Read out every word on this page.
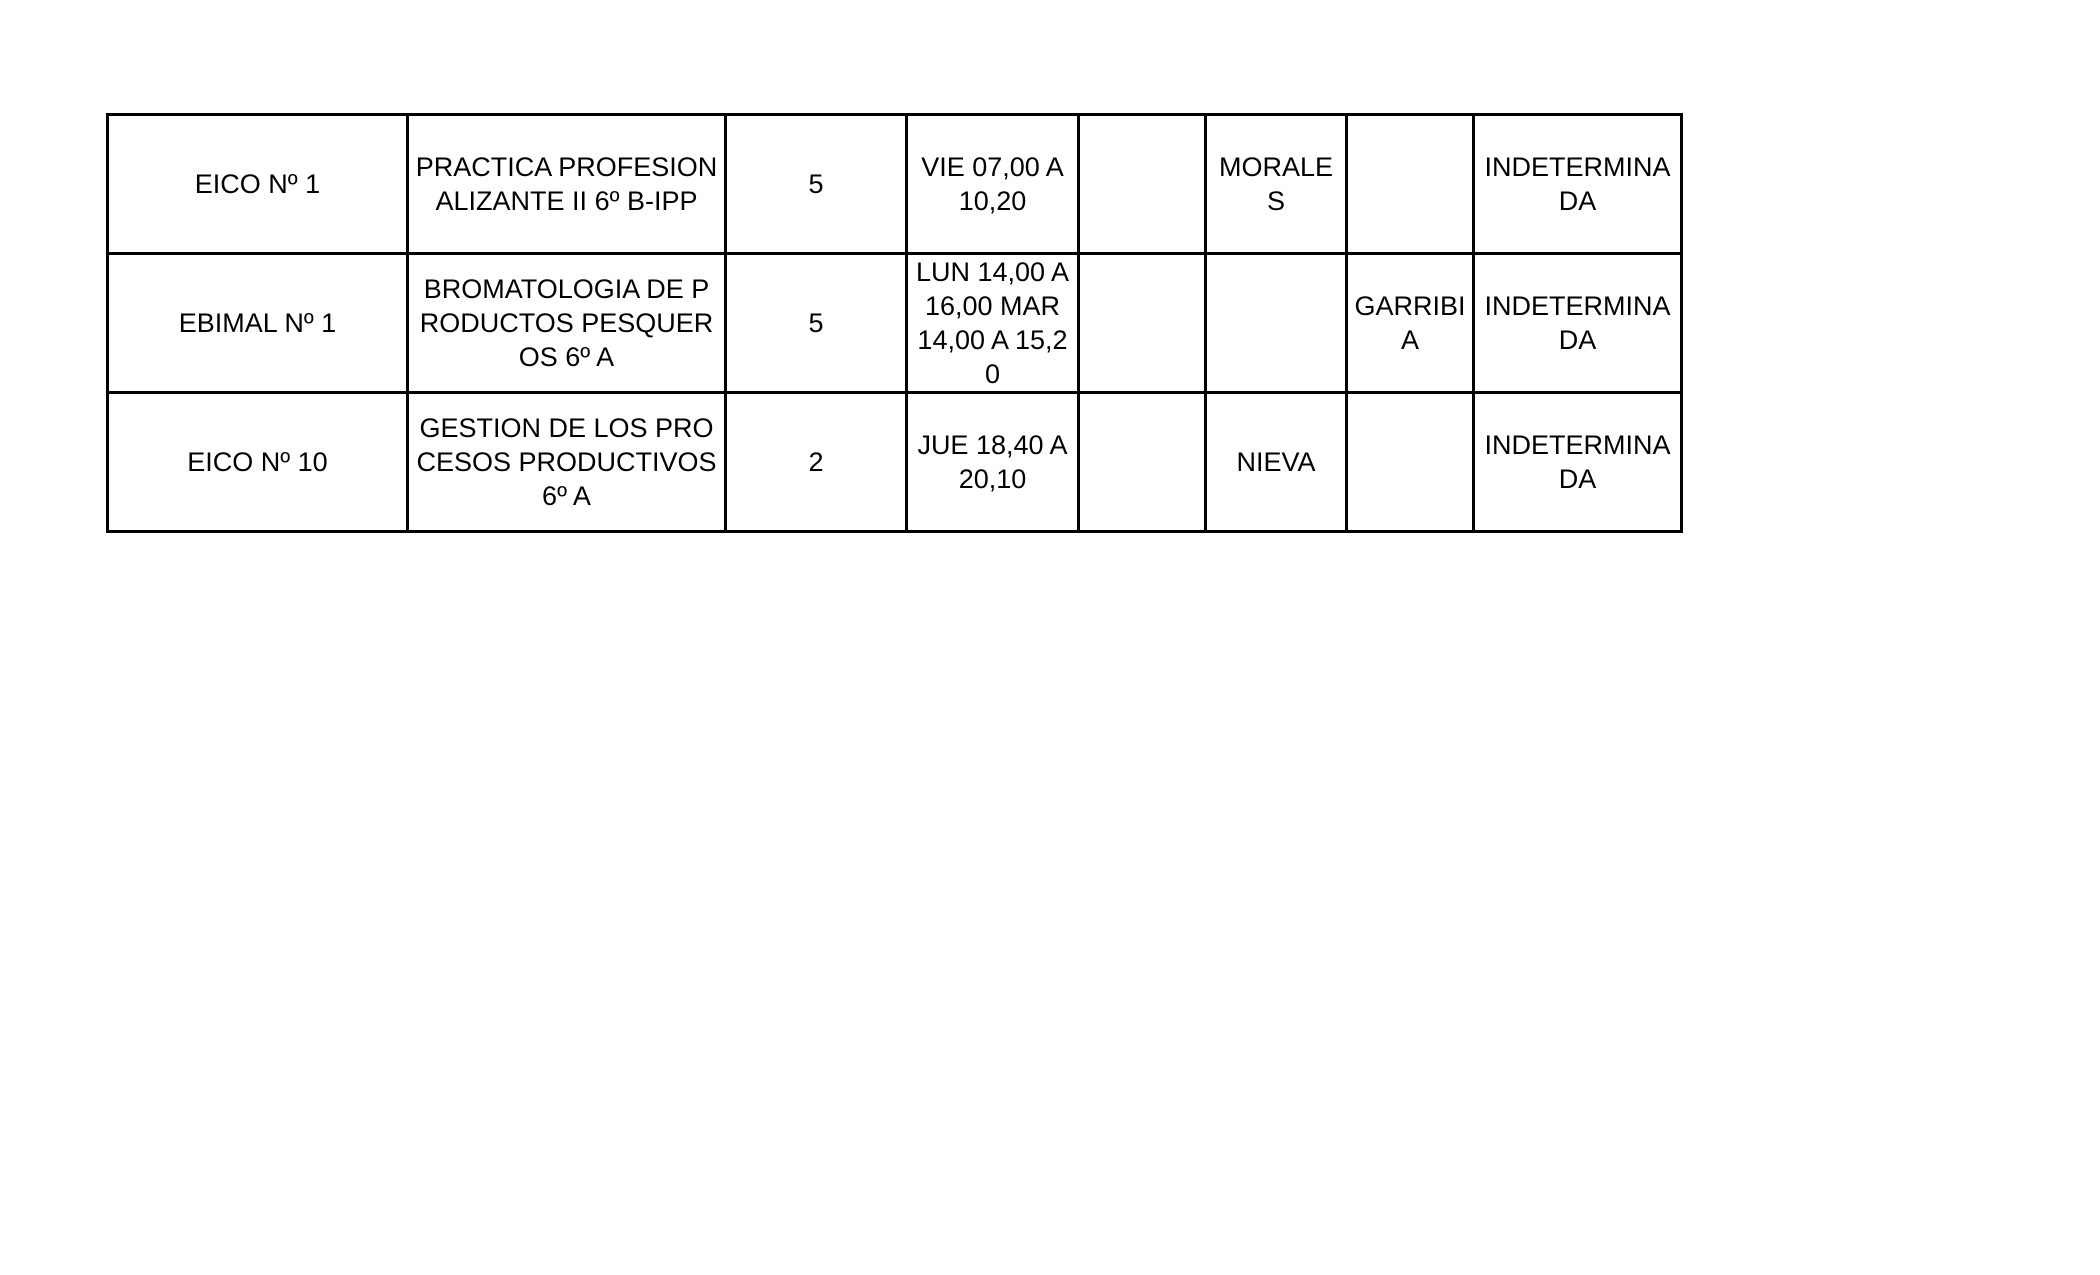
EICO Nº 1	PRACTICA PROFESIONALIZANTE II 6º B-IPP	5	VIE 07,00 A 10,20		MORALES		INDETERMINADA
EBIMAL Nº 1	BROMATOLOGIA DE PRODUCTOS PESQUEROS 6º A	5	LUN 14,00 A 16,00 MAR 14,00 A 15,20			GARRIBIA	INDETERMINADA
EICO Nº 10	GESTION DE LOS PROCESOS PRODUCTIVOS 6º A	2	JUE 18,40 A 20,10		NIEVA		INDETERMINADA
